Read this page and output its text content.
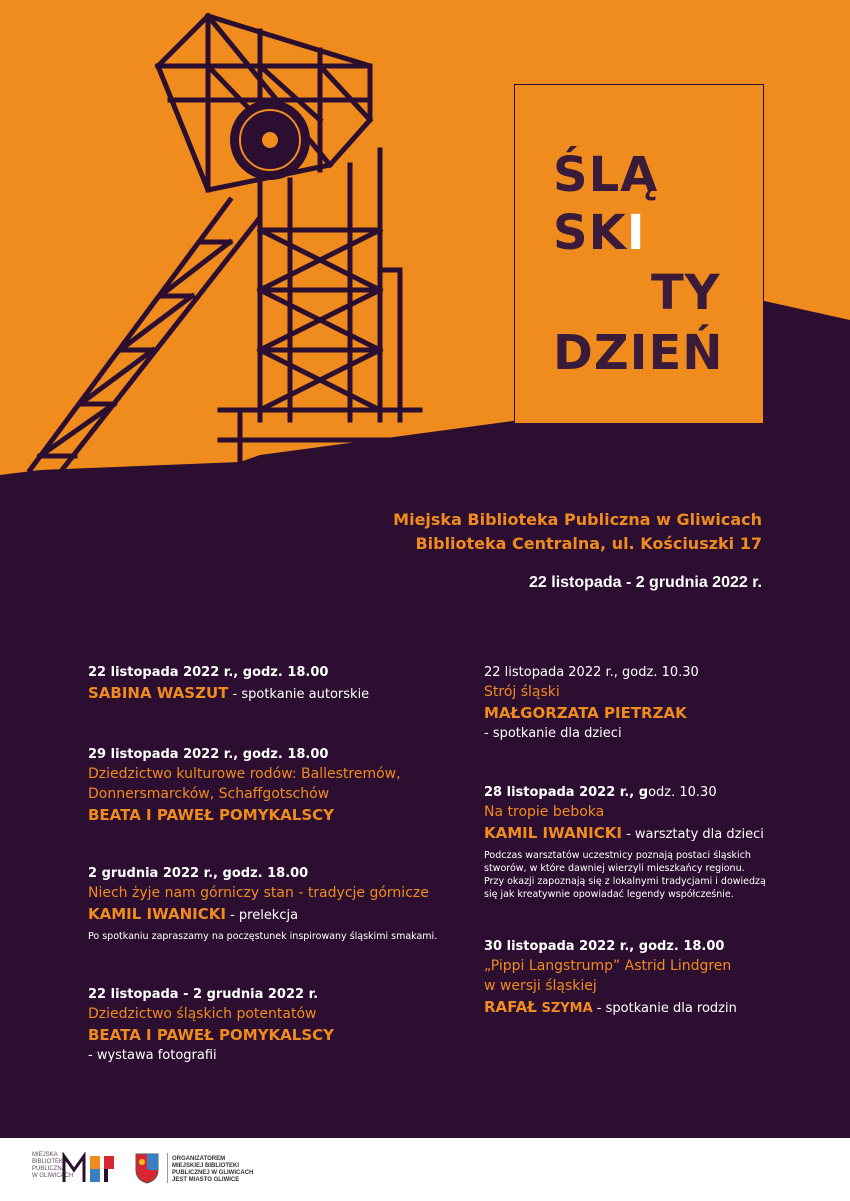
ŚLĄ
SKI
TY
DZIEŃ
Miejska Biblioteka Publiczna w Gliwicach
Biblioteka Centralna, ul. Kościuszki 17
22 listopada - 2 grudnia 2022 r.
22 listopada 2022 r., godz. 18.00
SABINA WASZUT - spotkanie autorskie
29 listopada 2022 r., godz. 18.00
Dziedzictwo kulturowe rodów: Ballestremów,
Donnersmarcków, Schaffgotschów
BEATA I PAWEŁ POMYKALSCY
2 grudnia 2022 r., godz. 18.00
Niech żyje nam górniczy stan - tradycje górnicze
KAMIL IWANICKI - prelekcja
Po spotkaniu zapraszamy na poczęstunek inspirowany śląskimi smakami.
22 listopada - 2 grudnia 2022 r.
Dziedzictwo śląskich potentatów
BEATA I PAWEŁ POMYKALSCY
- wystawa fotografii
22 listopada 2022 r., godz. 10.30
Strój śląski
MAŁGORZATA PIETRZAK
- spotkanie dla dzieci
28 listopada 2022 r., godz. 10.30
Na tropie beboka
KAMIL IWANICKI - warsztaty dla dzieci
Podczas warsztatów uczestnicy poznają postaci śląskich
stworów, w które dawniej wierzyli mieszkańcy regionu.
Przy okazji zapoznają się z lokalnymi tradycjami i dowiedzą
się jak kreatywnie opowiadać legendy współcześnie.
30 listopada 2022 r., godz. 18.00
„Pippi Langstrump” Astrid Lindgren
w wersji śląskiej
RAFAŁ SZYMA - spotkanie dla rodzin
MIEJSKA
BIBLIOTEKA
PUBLICZNA
W GLIWICACH
ORGANIZATOREM
MIEJSKIEJ BIBLIOTEKI
PUBLICZNEJ W GLIWICACH
JEST MIASTO GLIWICE
